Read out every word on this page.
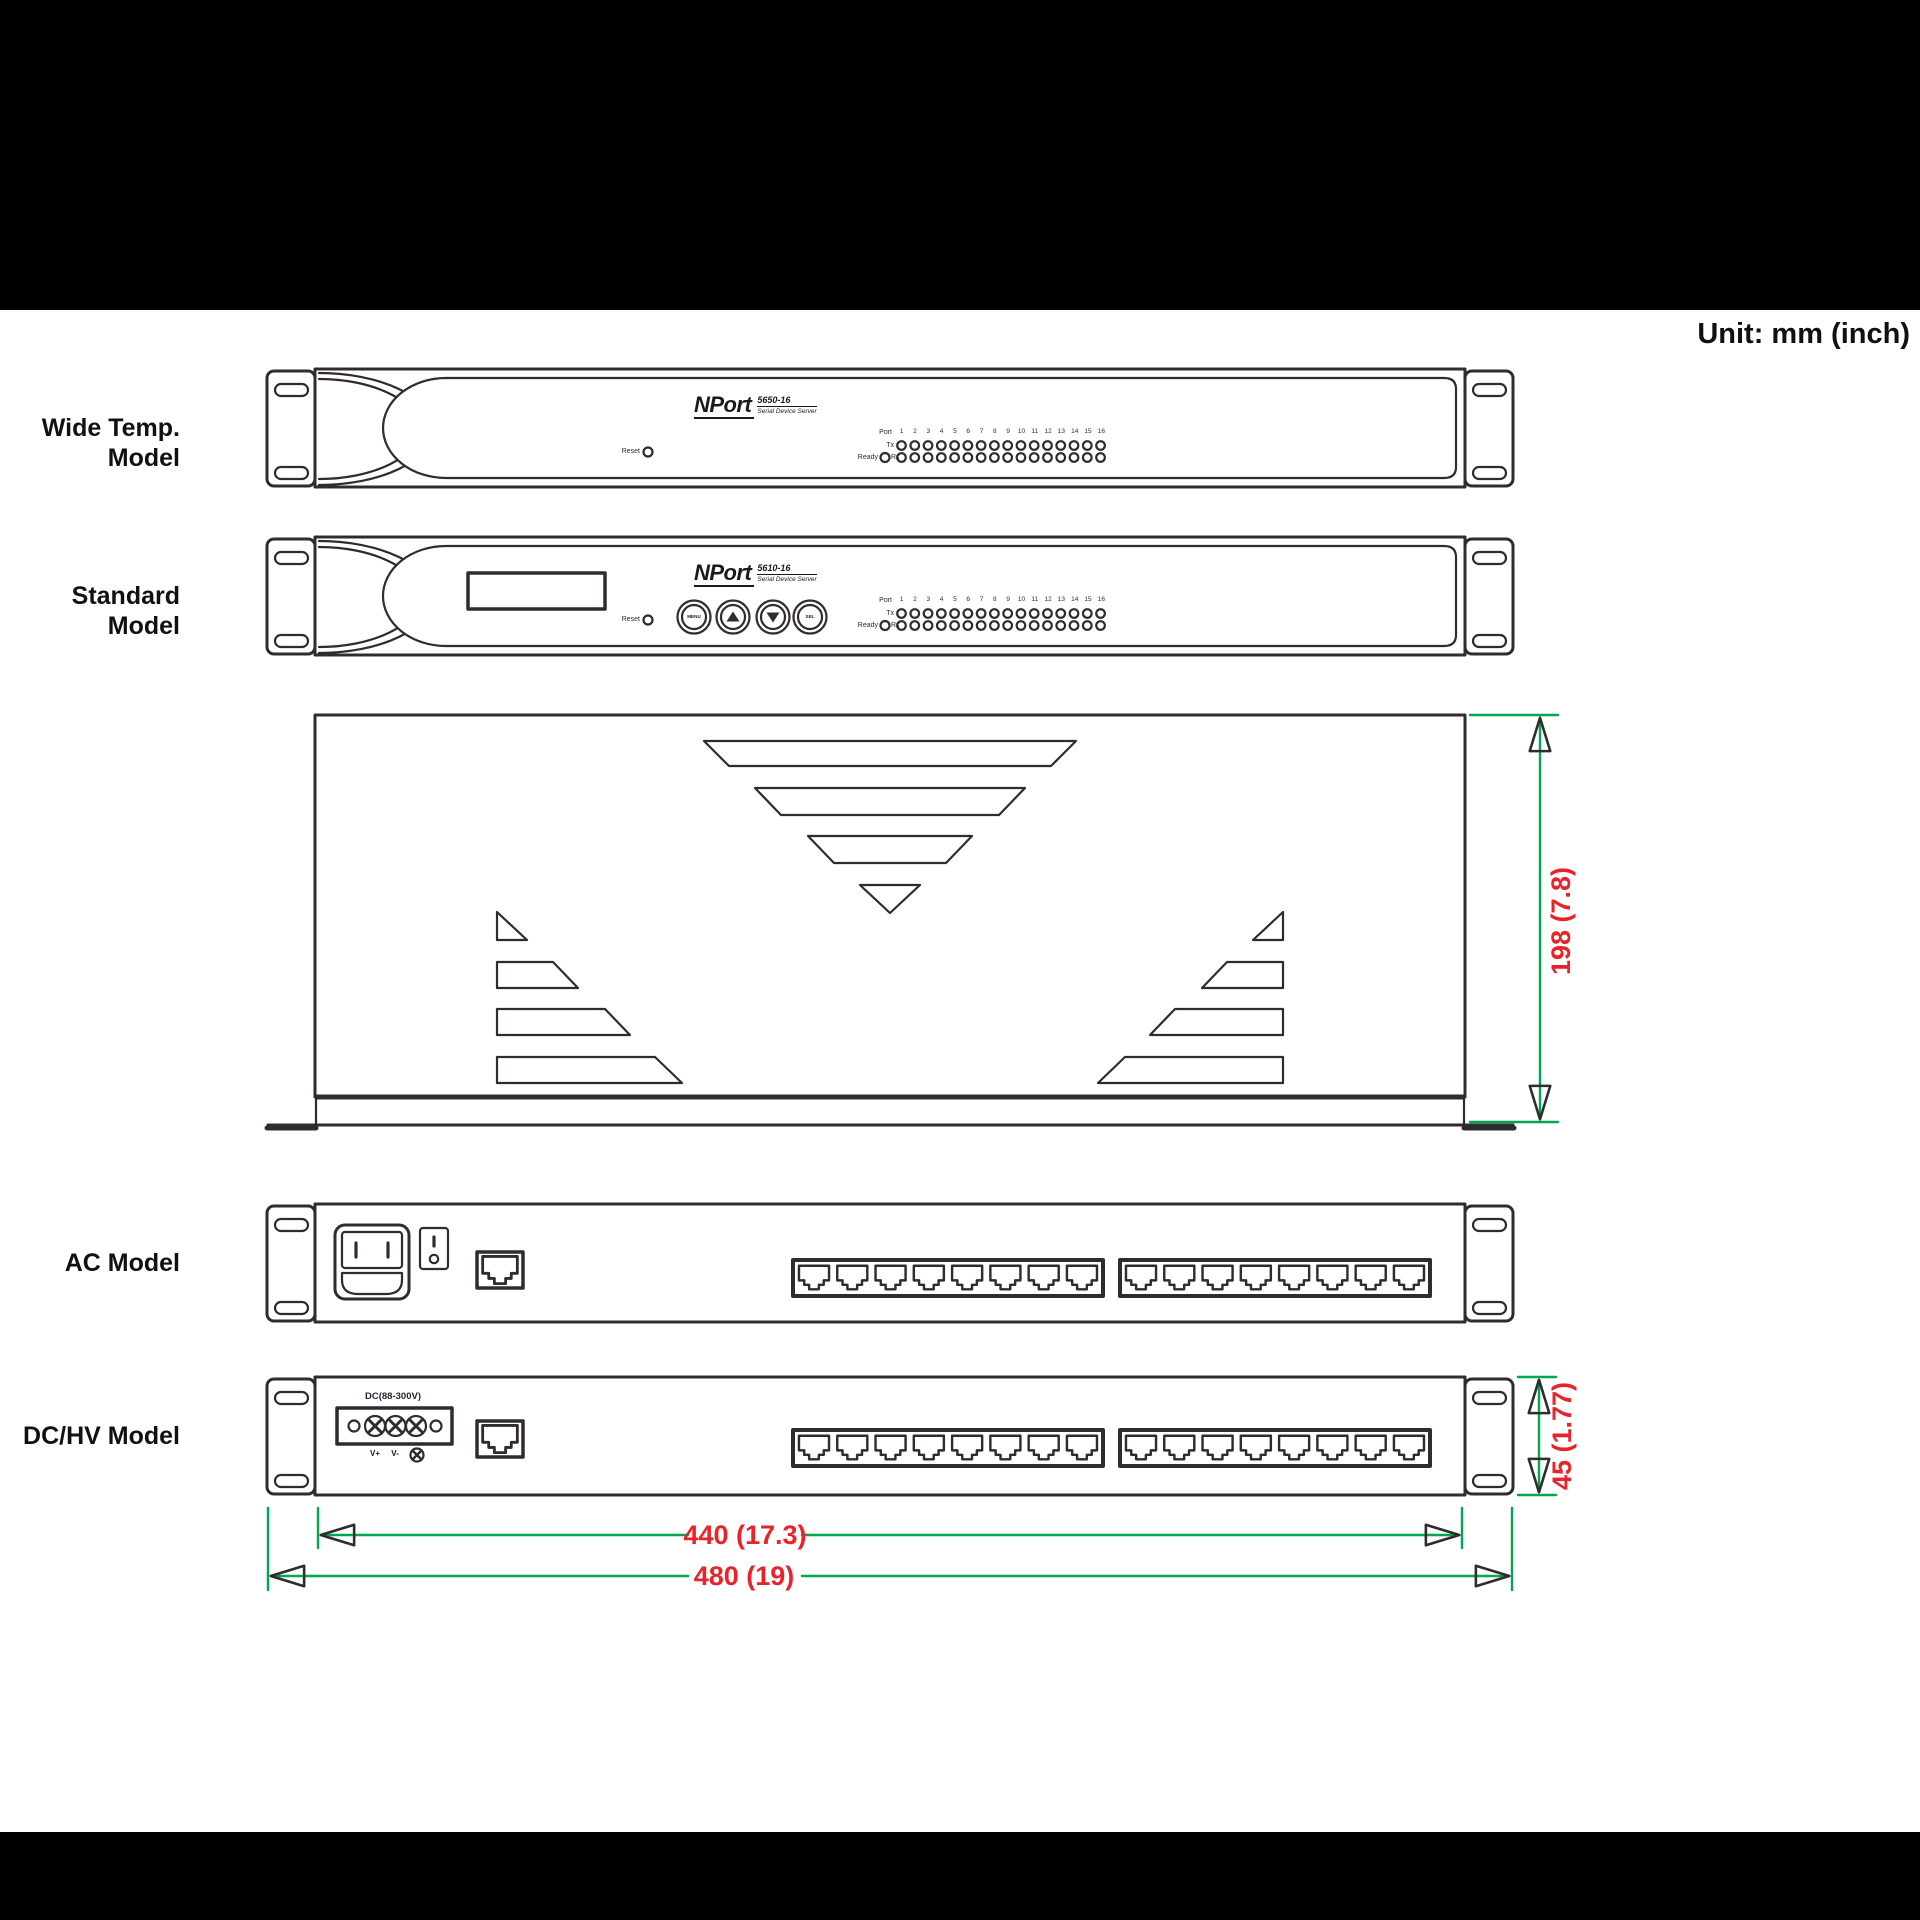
Unit: mm (inch)
Wide Temp. Model
Standard Model
AC Model
DC/HV Model
NPort 5650-16
Serial Device Server
Reset
Port	1	2	3	4	5	6	7	8	9	10 11 12 13 14 15 16
Tx
Ready Rx
NPort 5610-16
Serial Device Server
Reset	MENU	SEL
Port	1	2	3	4	5	6	7	8	9	10 11 12 13 14 15 16
Tx
Ready Rx
DC(88-300V)
V+	V-
198 (7.8)
45 (1.77)
440 (17.3)
480 (19)
